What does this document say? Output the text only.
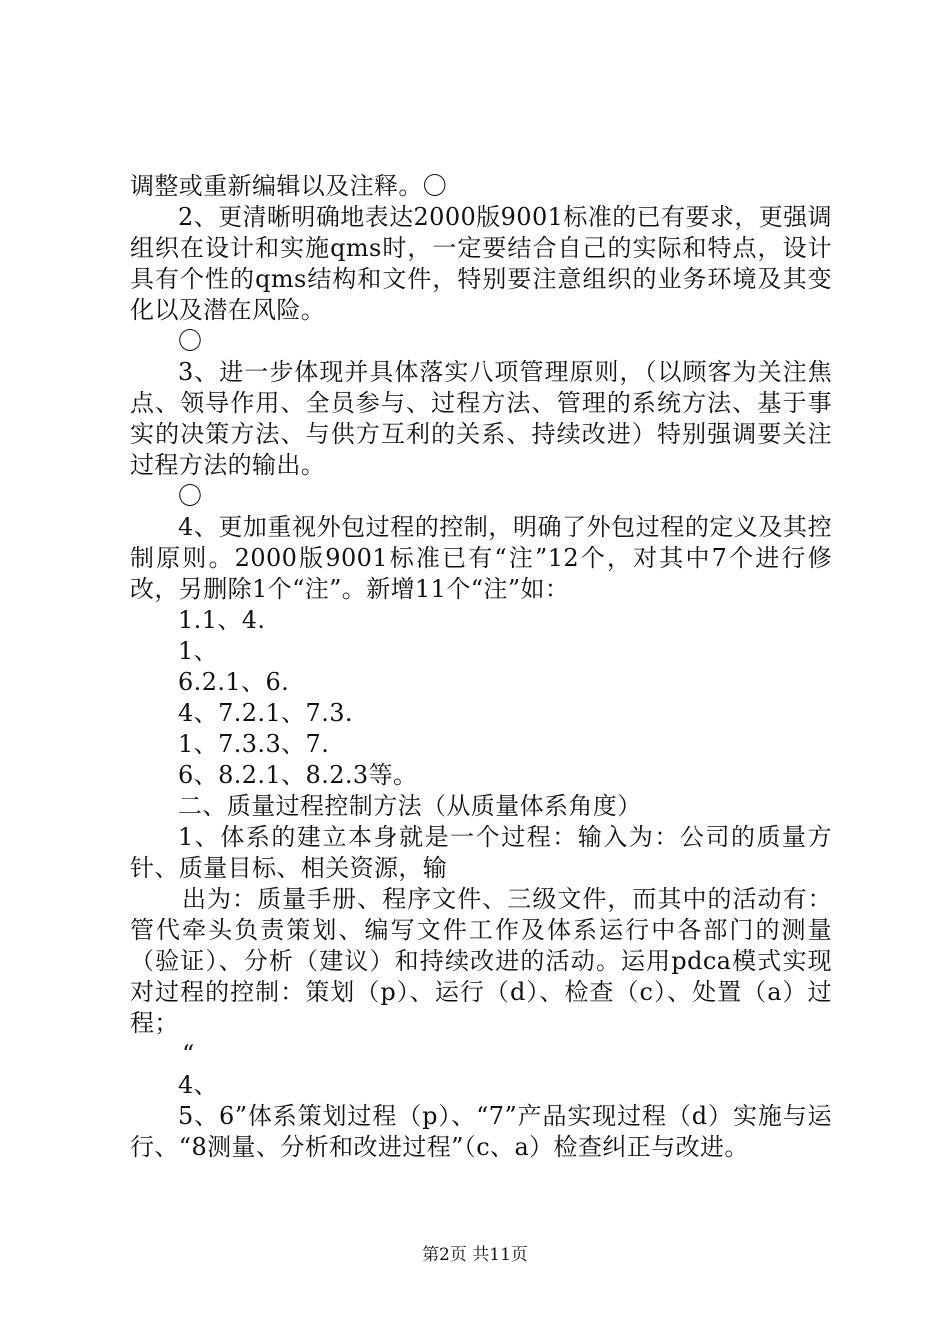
调整或重新编辑以及注释。〇

2、更清晰明确地表达2000版9001标准的已有要求，更强调组织在设计和实施qms时，一定要结合自己的实际和特点，设计具有个性的qms结构和文件，特别要注意组织的业务环境及其变化以及潜在风险。

〇

3、进一步体现并具体落实八项管理原则，（以顾客为关注焦点、领导作用、全员参与、过程方法、管理的系统方法、基于事实的决策方法、与供方互利的关系、持续改进）特别强调要关注过程方法的输出。

〇

4、更加重视外包过程的控制，明确了外包过程的定义及其控制原则。2000版9001标准已有“注”12个，对其中7个进行修改，另删除1个“注”。新增11个“注”如：

1.1、4.

1、

6.2.1、6.

4、7.2.1、7.3.

1、7.3.3、7.

6、8.2.1、8.2.3等。

二、质量过程控制方法（从质量体系角度）

1、体系的建立本身就是一个过程：输入为：公司的质量方针、质量目标、相关资源，输

出为：质量手册、程序文件、三级文件，而其中的活动有：管代牵头负责策划、编写文件工作及体系运行中各部门的测量（验证）、分析（建议）和持续改进的活动。运用pdca模式实现对过程的控制：策划（p）、运行（d）、检查（c）、处置（a）过程；

“

4、

5、6”体系策划过程（p）、“7”产品实现过程（d）实施与运行、“8测量、分析和改进过程”（c、a）检查纠正与改进。

第2页 共11页
